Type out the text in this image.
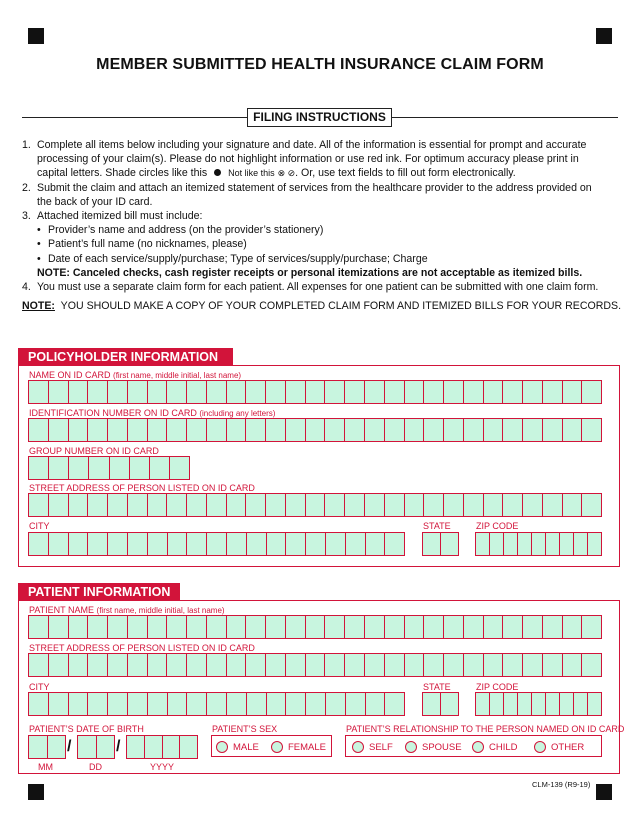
MEMBER SUBMITTED HEALTH INSURANCE CLAIM FORM
FILING INSTRUCTIONS
1. Complete all items below including your signature and date. All of the information is essential for prompt and accurate
processing of your claim(s). Please do not highlight information or use red ink. For optimum accuracy please print in
capital letters. Shade circles like this Not like this ⊗ ⊘. Or, use text fields to fill out form electronically.
2. Submit the claim and attach an itemized statement of services from the healthcare provider to the address provided on
the back of your ID card.
3. Attached itemized bill must include:
• Provider’s name and address (on the provider’s stationery)
• Patient’s full name (no nicknames, please)
• Date of each service/supply/purchase; Type of services/supply/purchase; Charge
NOTE: Canceled checks, cash register receipts or personal itemizations are not acceptable as itemized bills.
4. You must use a separate claim form for each patient. All expenses for one patient can be submitted with one claim form.
NOTE: YOU SHOULD MAKE A COPY OF YOUR COMPLETED CLAIM FORM AND ITEMIZED BILLS FOR YOUR RECORDS.
POLICYHOLDER INFORMATION
NAME ON ID CARD (first name, middle initial, last name)
IDENTIFICATION NUMBER ON ID CARD (including any letters)
GROUP NUMBER ON ID CARD
STREET ADDRESS OF PERSON LISTED ON ID CARD
CITY	STATE	ZIP CODE
PATIENT INFORMATION
PATIENT NAME (first name, middle initial, last name)
STREET ADDRESS OF PERSON LISTED ON ID CARD
CITY	STATE	ZIP CODE
PATIENT’S DATE OF BIRTH
/	/
MM	DD	YYYY
PATIENT’S SEX
MALE	FEMALE
PATIENT’S RELATIONSHIP TO THE PERSON NAMED ON ID CARD
SELF	SPOUSE	CHILD	OTHER
CLM-139 (R9-19)
